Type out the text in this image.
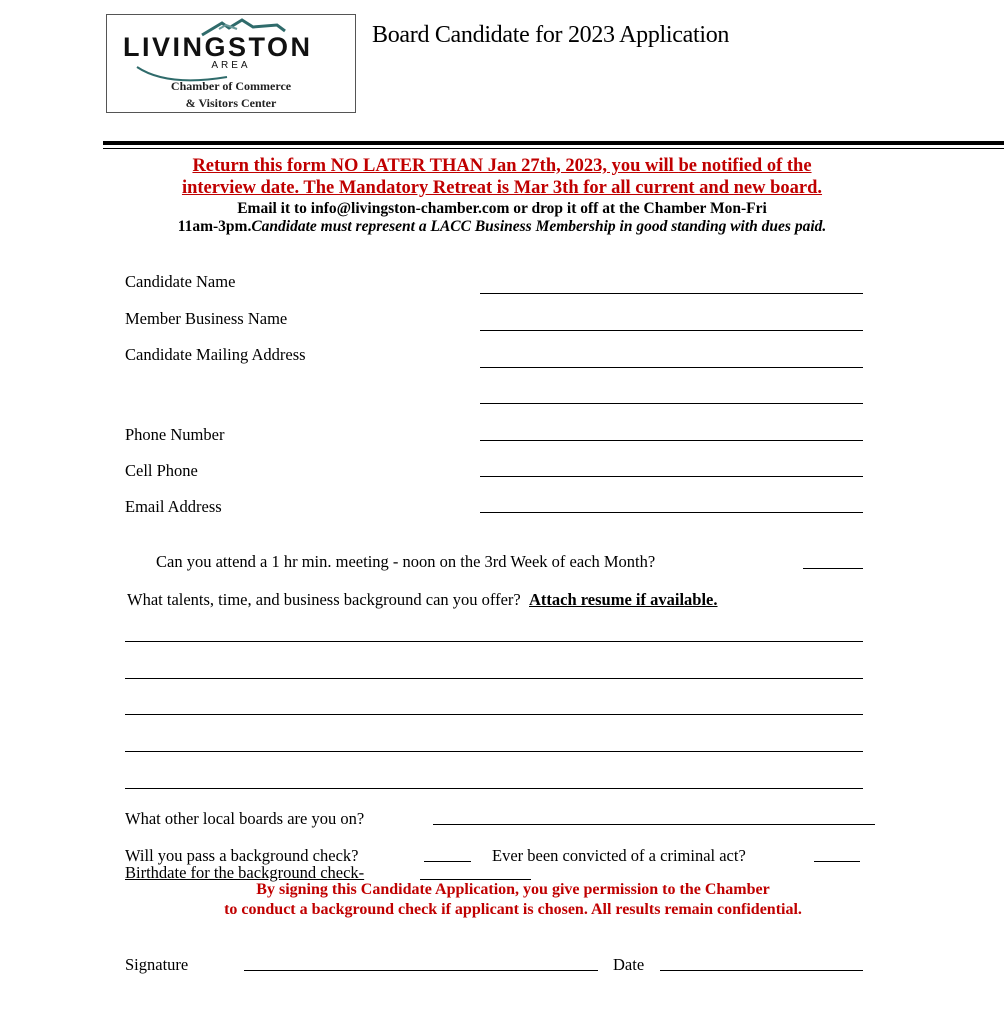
LIVINGSTON
AREA
Chamber of Commerce
& Visitors Center
Board Candidate for 2023 Application
Return this form NO LATER THAN Jan 27th, 2023, you will be notified of the
interview date. The Mandatory Retreat is Mar 3th for all current and new board.
Email it to info@livingston-chamber.com or drop it off at the Chamber Mon-Fri
11am-3pm.Candidate must represent a LACC Business Membership in good standing with dues paid.
Candidate Name
Member Business Name
Candidate Mailing Address
Phone Number
Cell Phone
Email Address
Can you attend a 1 hr min. meeting - noon on the 3rd Week of each Month?
What talents, time, and business background can you offer? Attach resume if available.
What other local boards are you on?
Will you pass a background check?	Ever been convicted of a criminal act?
Birthdate for the background check-
By signing this Candidate Application, you give permission to the Chamber
to conduct a background check if applicant is chosen. All results remain confidential.
Signature	Date
